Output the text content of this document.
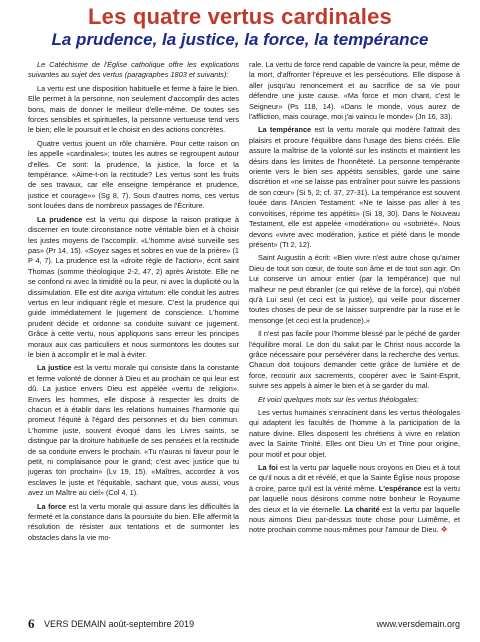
Les quatre vertus cardinales
La prudence, la justice, la force, la tempérance

Le Catéchisme de l'Église catholique offre les explications suivantes au sujet des vertus (paragraphes 1803 et suivants):

La vertu est une disposition habituelle et ferme à faire le bien. Elle permet à la personne, non seulement d'accomplir des actes bons, mais de donner le meilleur d'elle-même. De toutes ses forces sensibles et spirituelles, la personne vertueuse tend vers le bien; elle le poursuit et le choisit en des actions concrètes.

Quatre vertus jouent un rôle charnière. Pour cette raison on les appelle «cardinales»; toutes les autres se regroupent autour d'elles. Ce sont: la prudence, la justice, la force et la tempérance. «Aime-t-on la rectitude? Les vertus sont les fruits de ses travaux, car elle enseigne tempérance et prudence, justice et courage»» (Sg 8, 7). Sous d'autres noms, ces vertus sont louées dans de nombreux passages de l'Écriture.

La prudence est la vertu qui dispose la raison pratique à discerner en toute circonstance notre véritable bien et à choisir les justes moyens de l'accomplir. «L'homme avisé surveille ses pas» (Pr 14, 15). «Soyez sages et sobres en vue de la prière» (1 P 4, 7). La prudence est la «droite règle de l'action», écrit saint Thomas (somme théologique 2-2, 47, 2) après Aristote. Elle ne se confond ni avec la timidité ou la peur, ni avec la duplicité ou la dissimulation. Elle est dite auriga virtutum: elle conduit les autres vertus en leur indiquant règle et mesure. C'est la prudence qui guide immédiatement le jugement de conscience. L'homme prudent décide et ordonne sa conduite suivant ce jugement. Grâce à cette vertu, nous appliquons sans erreur les principes moraux aux cas particuliers et nous surmontons les doutes sur le bien à accomplir et le mal à éviter.

La justice est la vertu morale qui consiste dans la constante et ferme volonté de donner à Dieu et au prochain ce qui leur est dû. La justice envers Dieu est appelée «vertu de religion». Envers les hommes, elle dispose à respecter les droits de chacun et à établir dans les relations humaines l'harmonie qui promeut l'équité à l'égard des personnes et du bien commun. L'homme juste, souvent évoqué dans les Livres saints, se distingue par la droiture habituelle de ses pensées et la rectitude de sa conduite envers le prochain. «Tu n'auras ni faveur pour le petit, ni complaisance pour le grand; c'est avec justice que tu jugeras ton prochain» (Lv 19, 15). «Maîtres, accordez à vos esclaves le juste et l'équitable, sachant que, vous aussi, vous avez un Maître au ciel» (Col 4, 1).

La force est la vertu morale qui assure dans les difficultés la fermeté et la constance dans la poursuite du bien. Elle affermit la résolution de résister aux tentations et de surmonter les obstacles dans la vie mo-

rale. La vertu de force rend capable de vaincre la peur, même de la mort, d'affronter l'épreuve et les persécutions. Elle dispose à aller jusqu'au renoncement et au sacrifice de sa vie pour défendre une juste cause. «Ma force et mon chant, c'est le Seigneur» (Ps 118, 14). «Dans le monde, vous aurez de l'affliction, mais courage, moi j'ai vaincu le monde» (Jn 16, 33).

La tempérance est la vertu morale qui modère l'attrait des plaisirs et procure l'équilibre dans l'usage des biens créés. Elle assure la maîtrise de la volonté sur les instincts et maintient les désirs dans les limites de l'honnêteté. La personne tempérante oriente vers le bien ses appétits sensibles, garde une saine discrétion et «ne se laisse pas entraîner pour suivre les passions de son cœur» (Si 5, 2; cf. 37, 27-31). La tempérance est souvent louée dans l'Ancien Testament: «Ne te laisse pas aller à tes convoitises, réprime tes appétits» (Si 18, 30). Dans le Nouveau Testament, elle est appelée «modération» ou «sobriété». Nous devons «vivre avec modération, justice et piété dans le monde présent» (Tt 2, 12).

Saint Augustin a écrit: «Bien vivre n'est autre chose qu'aimer Dieu de tout son cœur, de toute son âme et de tout son agir. On Lui conserve un amour entier (par la tempérance) que nul malheur ne peut ébranler (ce qui relève de la force), qui n'obéit qu'à Lui seul (et ceci est la justice), qui veille pour discerner toutes choses de peur de se laisser surprendre par la ruse et le mensonge (et ceci est la prudence).»

Il n'est pas facile pour l'homme blessé par le péché de garder l'équilibre moral. Le don du salut par le Christ nous accorde la grâce nécessaire pour persévérer dans la recherche des vertus. Chacun doit toujours demander cette grâce de lumière et de force, recourir aux sacrements, coopérer avec le Saint-Esprit, suivre ses appels à aimer le bien et à se garder du mal.

Et voici quelques mots sur les vertus théologales:

Les vertus humaines s'enracinent dans les vertus théologales qui adaptent les facultés de l'homme à la participation de la nature divine. Elles disposent les chrétiens à vivre en relation avec la Sainte Trinité. Elles ont Dieu Un et Trine pour origine, pour motif et pour objet.

La foi est la vertu par laquelle nous croyons en Dieu et à tout ce qu'il nous a dit et révélé, et que la Sainte Église nous propose à croire, parce qu'il est la vérité même. L'espérance est la vertu par laquelle nous désirons comme notre bonheur le Royaume des cieux et la vie éternelle. La charité est la vertu par laquelle nous aimons Dieu par-dessus toute chose pour Luimême, et notre prochain comme nous-mêmes pour l'amour de Dieu. ❖

6 VERS DEMAIN août-septembre 2019	www.versdemain.org
